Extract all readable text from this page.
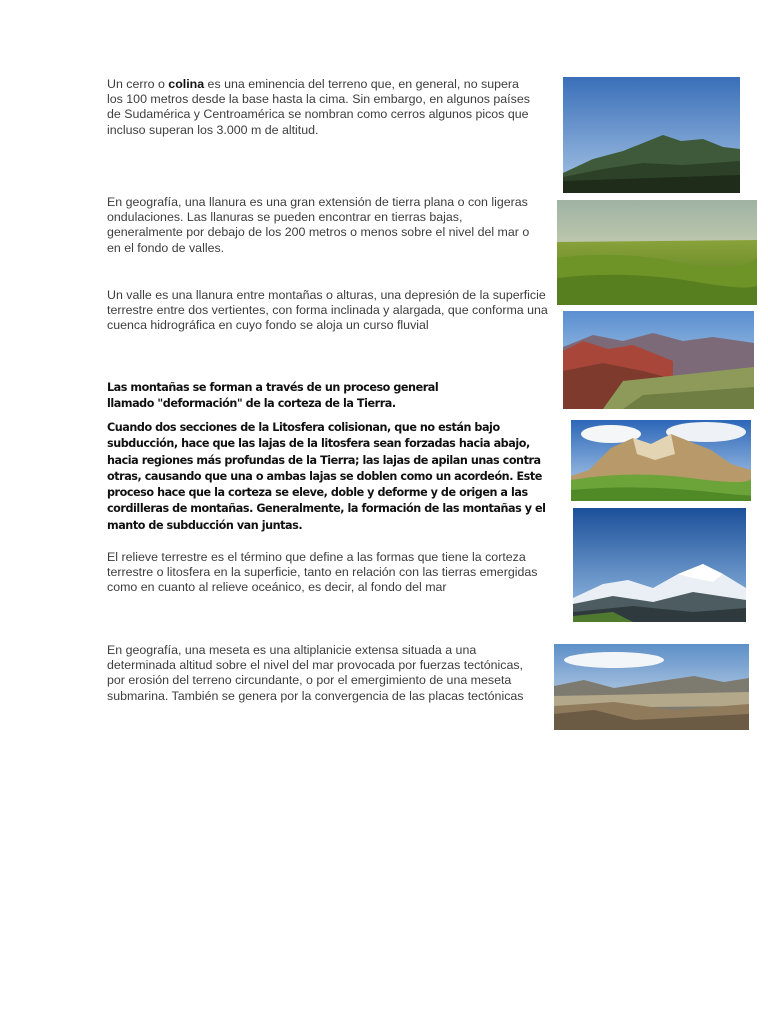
Un cerro o colina es una eminencia del terreno que, en general, no supera los 100 metros desde la base hasta la cima. Sin embargo, en algunos países de Sudamérica y Centroamérica se nombran como cerros algunos picos que incluso superan los 3.000 m de altitud.
En geografía, una llanura es una gran extensión de tierra plana o con ligeras ondulaciones. Las llanuras se pueden encontrar en tierras bajas, generalmente por debajo de los 200 metros o menos sobre el nivel del mar o en el fondo de valles.
Un valle es una llanura entre montañas o alturas, una depresión de la superficie terrestre entre dos vertientes, con forma inclinada y alargada, que conforma una cuenca hidrográfica en cuyo fondo se aloja un curso fluvial
Las montañas se forman a través de un proceso general llamado "deformación" de la corteza de la Tierra.
Cuando dos secciones de la Litosfera colisionan, que no están bajo subducción, hace que las lajas de la litosfera sean forzadas hacia abajo, hacia regiones más profundas de la Tierra; las lajas de apilan unas contra otras, causando que una o ambas lajas se doblen como un acordeón. Este proceso hace que la corteza se eleve, doble y deforme y de origen a las cordilleras de montañas. Generalmente, la formación de las montañas y el manto de subducción van juntas.
El relieve terrestre es el término que define a las formas que tiene la corteza terrestre o litosfera en la superficie, tanto en relación con las tierras emergidas como en cuanto al relieve oceánico, es decir, al fondo del mar
En geografía, una meseta es una altiplanicie extensa situada a una determinada altitud sobre el nivel del mar provocada por fuerzas tectónicas, por erosión del terreno circundante, o por el emergimiento de una meseta submarina. También se genera por la convergencia de las placas tectónicas
